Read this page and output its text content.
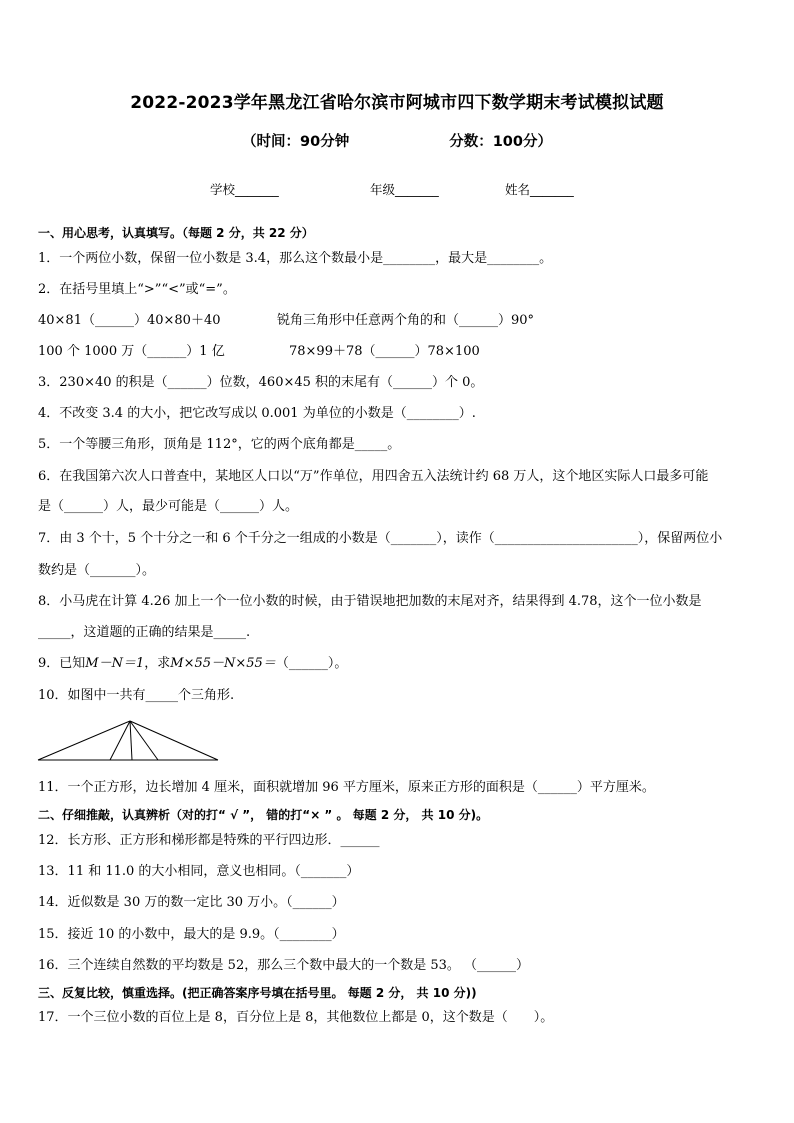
2022-2023学年黑龙江省哈尔滨市阿城市四下数学期末考试模拟试题
（时间：90分钟	分数：100分）
学校_______	年级_______	姓名_______
一、用心思考，认真填写。（每题 2 分，共 22 分）
1．一个两位小数，保留一位小数是 3.4，那么这个数最小是________，最大是________。
2．在括号里填上“>”“<”或“=”。
40×81（______）40×80＋40	锐角三角形中任意两个角的和（______）90°
100 个 1000 万（______）1 亿	78×99＋78（______）78×100
3．230×40 的积是（______）位数，460×45 积的末尾有（______）个 0。
4．不改变 3.4 的大小，把它改写成以 0.001 为单位的小数是（________）.
5．一个等腰三角形，顶角是 112°，它的两个底角都是_____。
6．在我国第六次人口普查中，某地区人口以“万”作单位，用四舍五入法统计约 68 万人，这个地区实际人口最多可能
是（______）人，最少可能是（______）人。
7．由 3 个十，5 个十分之一和 6 个千分之一组成的小数是（_______），读作（______________________），保留两位小
数约是（_______）。
8．小马虎在计算 4.26 加上一个一位小数的时候，由于错误地把加数的末尾对齐，结果得到 4.78，这个一位小数是
_____，这道题的正确的结果是_____.
9．已知M－N＝1，求M×55－N×55＝（______）。
10．如图中一共有_____个三角形.
11．一个正方形，边长增加 4 厘米，面积就增加 96 平方厘米，原来正方形的面积是（______）平方厘米。
二、仔细推敲，认真辨析（对的打“ √ ”， 错的打“× ” 。 每题 2 分， 共 10 分)。
12．长方形、正方形和梯形都是特殊的平行四边形．______
13．11 和 11.0 的大小相同，意义也相同。（_______）
14．近似数是 30 万的数一定比 30 万小。（______）
15．接近 10 的小数中，最大的是 9.9。（________）
16．三个连续自然数的平均数是 52，那么三个数中最大的一个数是 53。 （______）
三、反复比较，慎重选择。(把正确答案序号填在括号里。 每题 2 分， 共 10 分))
17．一个三位小数的百位上是 8，百分位上是 8，其他数位上都是 0，这个数是（　　）。
